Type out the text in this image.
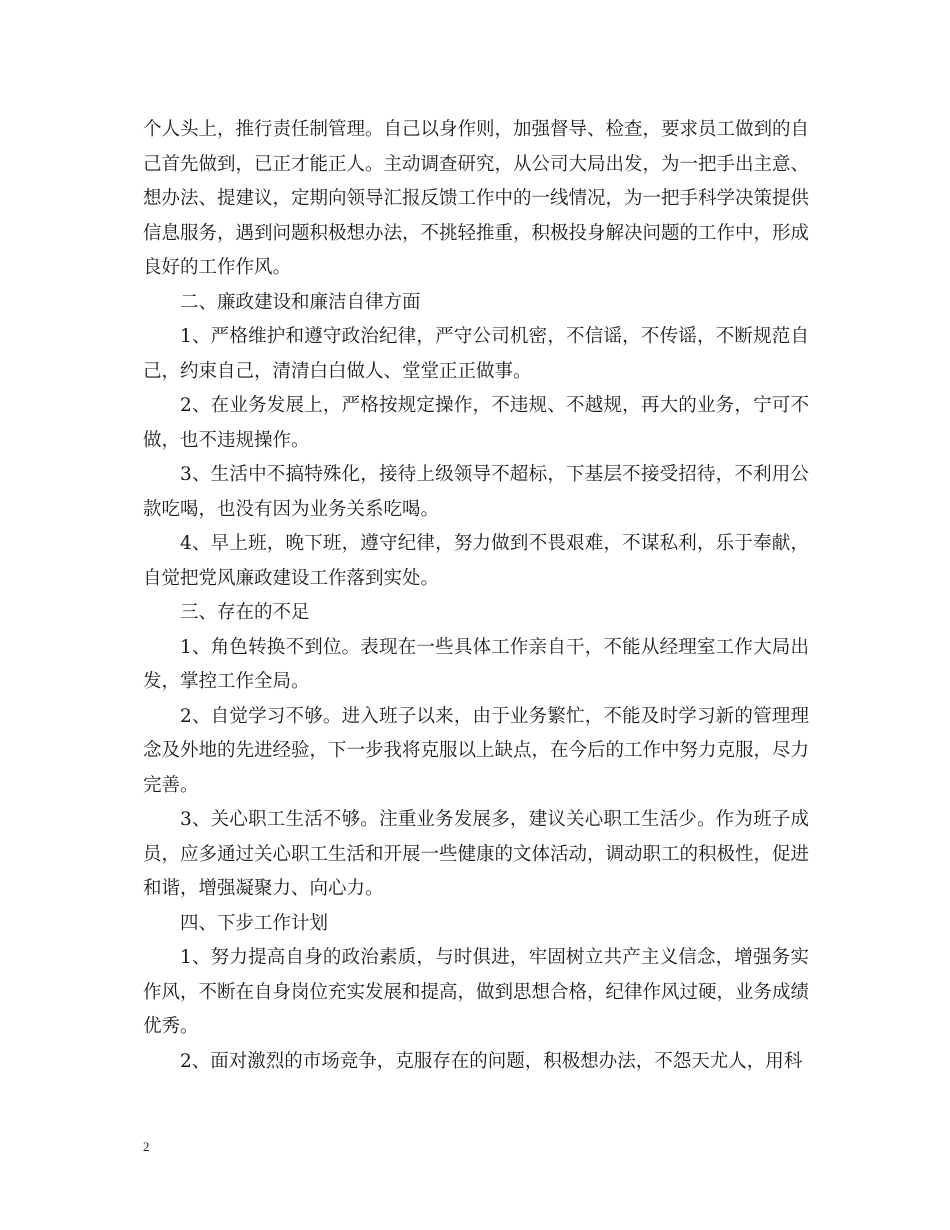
个人头上，推行责任制管理。自己以身作则，加强督导、检查，要求员工做到的自己首先做到，已正才能正人。主动调查研究，从公司大局出发，为一把手出主意、想办法、提建议，定期向领导汇报反馈工作中的一线情况，为一把手科学决策提供信息服务，遇到问题积极想办法，不挑轻推重，积极投身解决问题的工作中，形成良好的工作作风。

二、廉政建设和廉洁自律方面

1、严格维护和遵守政治纪律，严守公司机密，不信谣，不传谣，不断规范自己，约束自己，清清白白做人、堂堂正正做事。

2、在业务发展上，严格按规定操作，不违规、不越规，再大的业务，宁可不做，也不违规操作。

3、生活中不搞特殊化，接待上级领导不超标，下基层不接受招待，不利用公款吃喝，也没有因为业务关系吃喝。

4、早上班，晚下班，遵守纪律，努力做到不畏艰难，不谋私利，乐于奉献，自觉把党风廉政建设工作落到实处。

三、存在的不足

1、角色转换不到位。表现在一些具体工作亲自干，不能从经理室工作大局出发，掌控工作全局。

2、自觉学习不够。进入班子以来，由于业务繁忙，不能及时学习新的管理理念及外地的先进经验，下一步我将克服以上缺点，在今后的工作中努力克服，尽力完善。

3、关心职工生活不够。注重业务发展多，建议关心职工生活少。作为班子成员，应多通过关心职工生活和开展一些健康的文体活动，调动职工的积极性，促进和谐，增强凝聚力、向心力。

四、下步工作计划

1、努力提高自身的政治素质，与时俱进，牢固树立共产主义信念，增强务实作风，不断在自身岗位充实发展和提高，做到思想合格，纪律作风过硬，业务成绩优秀。

2、面对激烈的市场竞争，克服存在的问题，积极想办法，不怨天尤人，用科

2
